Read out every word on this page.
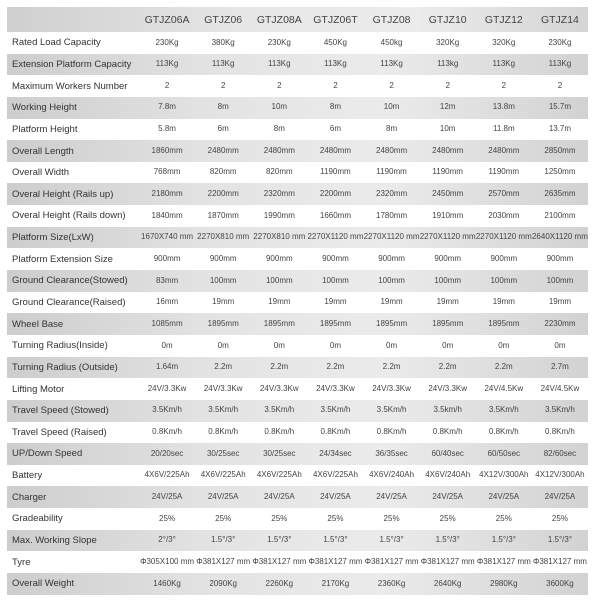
	GTJZ06A	GTJZ06	GTJZ08A	GTJZ06T	GTJZ08	GTJZ10	GTJZ12	GTJZ14
Rated Load Capacity	230Kg	380Kg	230Kg	450Kg	450kg	320Kg	320Kg	230Kg
Extension Platform Capacity	113Kg	113Kg	113Kg	113Kg	113Kg	113kg	113Kg	113Kg
Maximum Workers Number	2	2	2	2	2	2	2	2
Working Height	7.8m	8m	10m	8m	10m	12m	13.8m	15.7m
Platform Height	5.8m	6m	8m	6m	8m	10m	11.8m	13.7m
Overall Length	1860mm	2480mm	2480mm	2480mm	2480mm	2480mm	2480mm	2850mm
Overall Width	768mm	820mm	820mm	1190mm	1190mm	1190mm	1190mm	1250mm
Overal Height (Rails up)	2180mm	2200mm	2320mm	2200mm	2320mm	2450mm	2570mm	2635mm
Overal Height (Rails down)	1840mm	1870mm	1990mm	1660mm	1780mm	1910mm	2030mm	2100mm
Platform Size(LxW)	1670X740 mm	2270X810 mm	2270X810 mm	2270X1120 mm	2270X1120 mm	2270X1120 mm	2270X1120 mm	2640X1120 mm
Platform Extension Size	900mm	900mm	900mm	900mm	900mm	900mm	900mm	900mm
Ground Clearance(Stowed)	83mm	100mm	100mm	100mm	100mm	100mm	100mm	100mm
Ground Clearance(Raised)	16mm	19mm	19mm	19mm	19mm	19mm	19mm	19mm
Wheel Base	1085mm	1895mm	1895mm	1895mm	1895mm	1895mm	1895mm	2230mm
Turning Radius(Inside)	0m	0m	0m	0m	0m	0m	0m	0m
Turning Radius (Outside)	1.64m	2.2m	2.2m	2.2m	2.2m	2.2m	2.2m	2.7m
Lifting Motor	24V/3.3Kw	24V/3.3Kw	24V/3.3Kw	24V/3.3Kw	24V/3.3Kw	24V/3.3Kw	24V/4.5Kw	24V/4.5Kw
Travel Speed (Stowed)	3.5Km/h	3.5Km/h	3.5Km/h	3.5Km/h	3.5Km/h	3.5km/h	3.5Km/h	3.5Km/h
Travel Speed (Raised)	0.8Km/h	0.8Km/h	0.8Km/h	0.8Km/h	0.8Km/h	0.8Km/h	0.8Km/h	0.8Km/h
UP/Down Speed	20/20sec	30/25sec	30/25sec	24/34sec	36/35sec	60/40sec	60/50sec	82/60sec
Battery	4X6V/225Ah	4X6V/225Ah	4X6V/225Ah	4X6V/225Ah	4X6V/240Ah	4X6V/240Ah	4X12V/300Ah	4X12V/300Ah
Charger	24V/25A	24V/25A	24V/25A	24V/25A	24V/25A	24V/25A	24V/25A	24V/25A
Gradeability	25%	25%	25%	25%	25%	25%	25%	25%
Max. Working Slope	2°/3°	1.5°/3°	1.5°/3°	1.5°/3°	1.5°/3°	1.5°/3°	1.5°/3°	1.5°/3°
Tyre	Φ305X100 mm	Φ381X127 mm	Φ381X127 mm	Φ381X127 mm	Φ381X127 mm	Φ381X127 mm	Φ381X127 mm	Φ381X127 mm
Overall Weight	1460Kg	2090Kg	2260Kg	2170Kg	2360Kg	2640Kg	2980Kg	3600Kg
